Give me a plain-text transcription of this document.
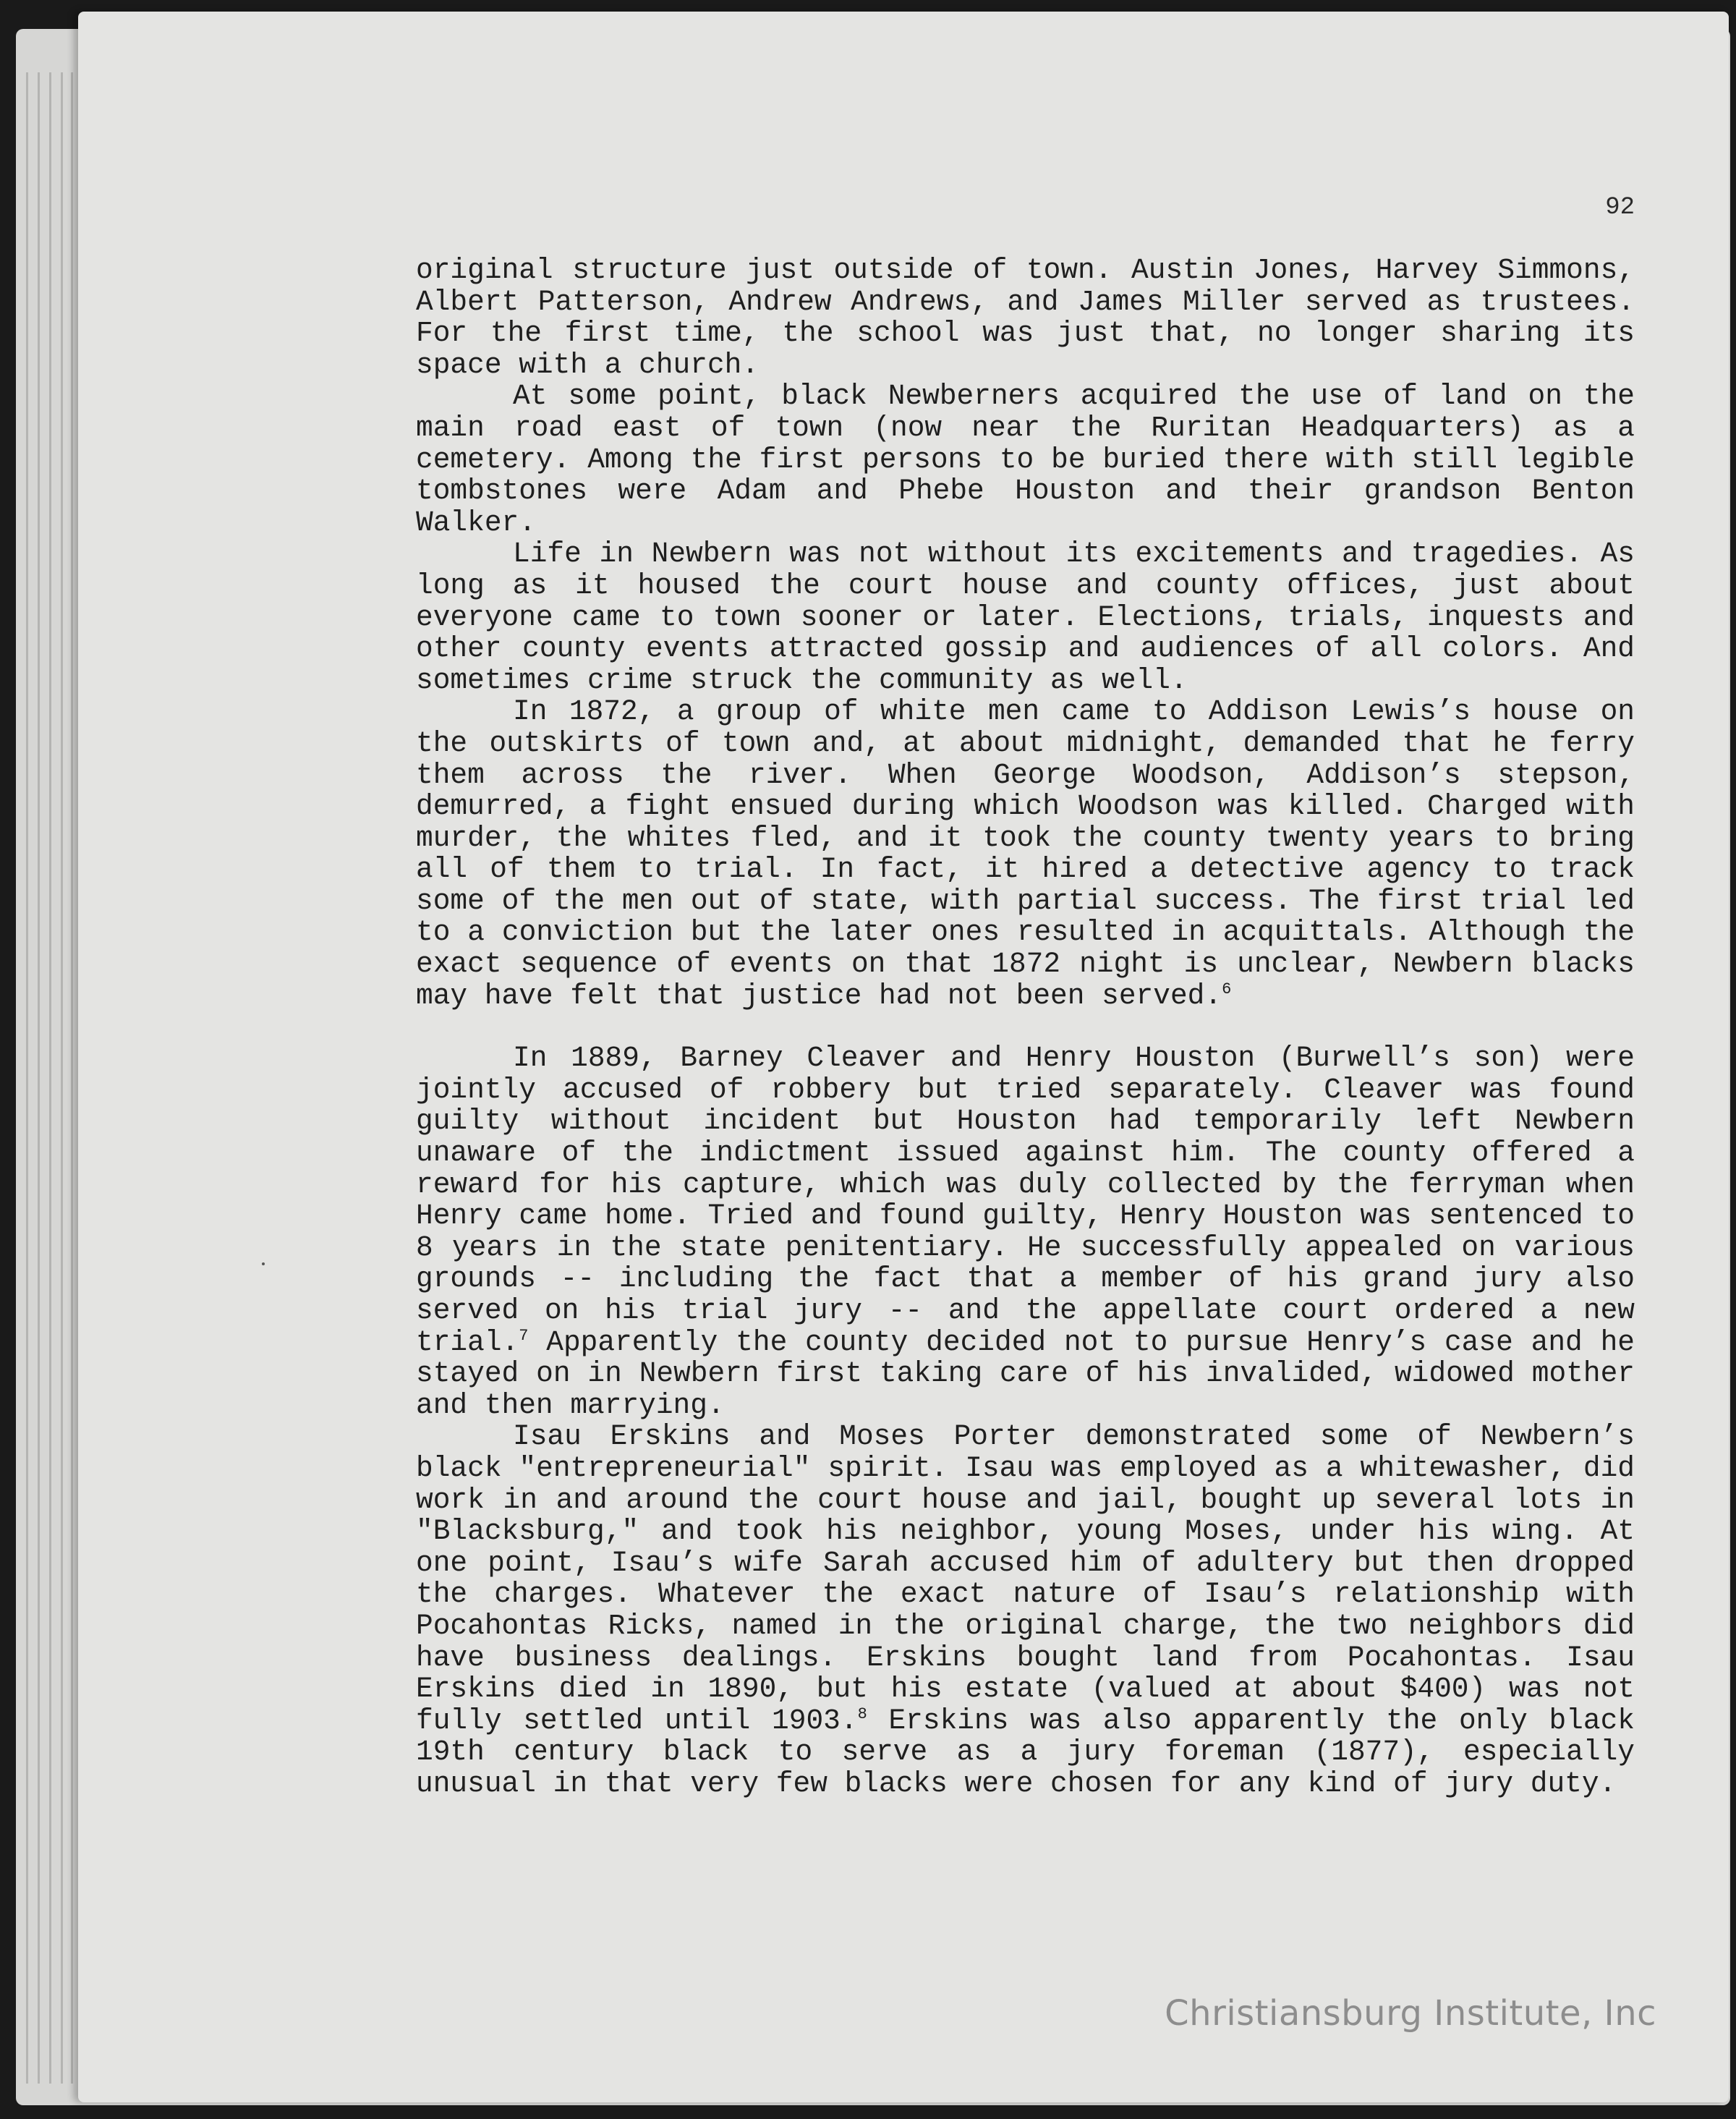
92

original structure just outside of town. Austin Jones, Harvey Simmons, Albert Patterson, Andrew Andrews, and James Miller served as trustees. For the first time, the school was just that, no longer sharing its space with a church.

At some point, black Newberners acquired the use of land on the main road east of town (now near the Ruritan Headquarters) as a cemetery. Among the first persons to be buried there with still legible tombstones were Adam and Phebe Houston and their grandson Benton Walker.

Life in Newbern was not without its excitements and tragedies. As long as it housed the court house and county offices, just about everyone came to town sooner or later. Elections, trials, inquests and other county events attracted gossip and audiences of all colors. And sometimes crime struck the community as well.

In 1872, a group of white men came to Addison Lewis’s house on the outskirts of town and, at about midnight, demanded that he ferry them across the river. When George Woodson, Addison’s stepson, demurred, a fight ensued during which Woodson was killed. Charged with murder, the whites fled, and it took the county twenty years to bring all of them to trial. In fact, it hired a detective agency to track some of the men out of state, with partial success. The first trial led to a conviction but the later ones resulted in acquittals. Although the exact sequence of events on that 1872 night is unclear, Newbern blacks may have felt that justice had not been served.$^6$

In 1889, Barney Cleaver and Henry Houston (Burwell’s son) were jointly accused of robbery but tried separately. Cleaver was found guilty without incident but Houston had temporarily left Newbern unaware of the indictment issued against him. The county offered a reward for his capture, which was duly collected by the ferryman when Henry came home. Tried and found guilty, Henry Houston was sentenced to 8 years in the state penitentiary. He successfully appealed on various grounds -- including the fact that a member of his grand jury also served on his trial jury -- and the appellate court ordered a new trial.$^7$ Apparently the county decided not to pursue Henry’s case and he stayed on in Newbern first taking care of his invalided, widowed mother and then marrying.

Isau Erskins and Moses Porter demonstrated some of Newbern’s black "entrepreneurial" spirit. Isau was employed as a whitewasher, did work in and around the court house and jail, bought up several lots in "Blacksburg," and took his neighbor, young Moses, under his wing. At one point, Isau’s wife Sarah accused him of adultery but then dropped the charges. Whatever the exact nature of Isau’s relationship with Pocahontas Ricks, named in the original charge, the two neighbors did have business dealings. Erskins bought land from Pocahontas. Isau Erskins died in 1890, but his estate (valued at about $400) was not fully settled until 1903.$^8$ Erskins was also apparently the only black 19th century black to serve as a jury foreman (1877), especially unusual in that very few blacks were chosen for any kind of jury duty.

Christiansburg Institute, Inc
